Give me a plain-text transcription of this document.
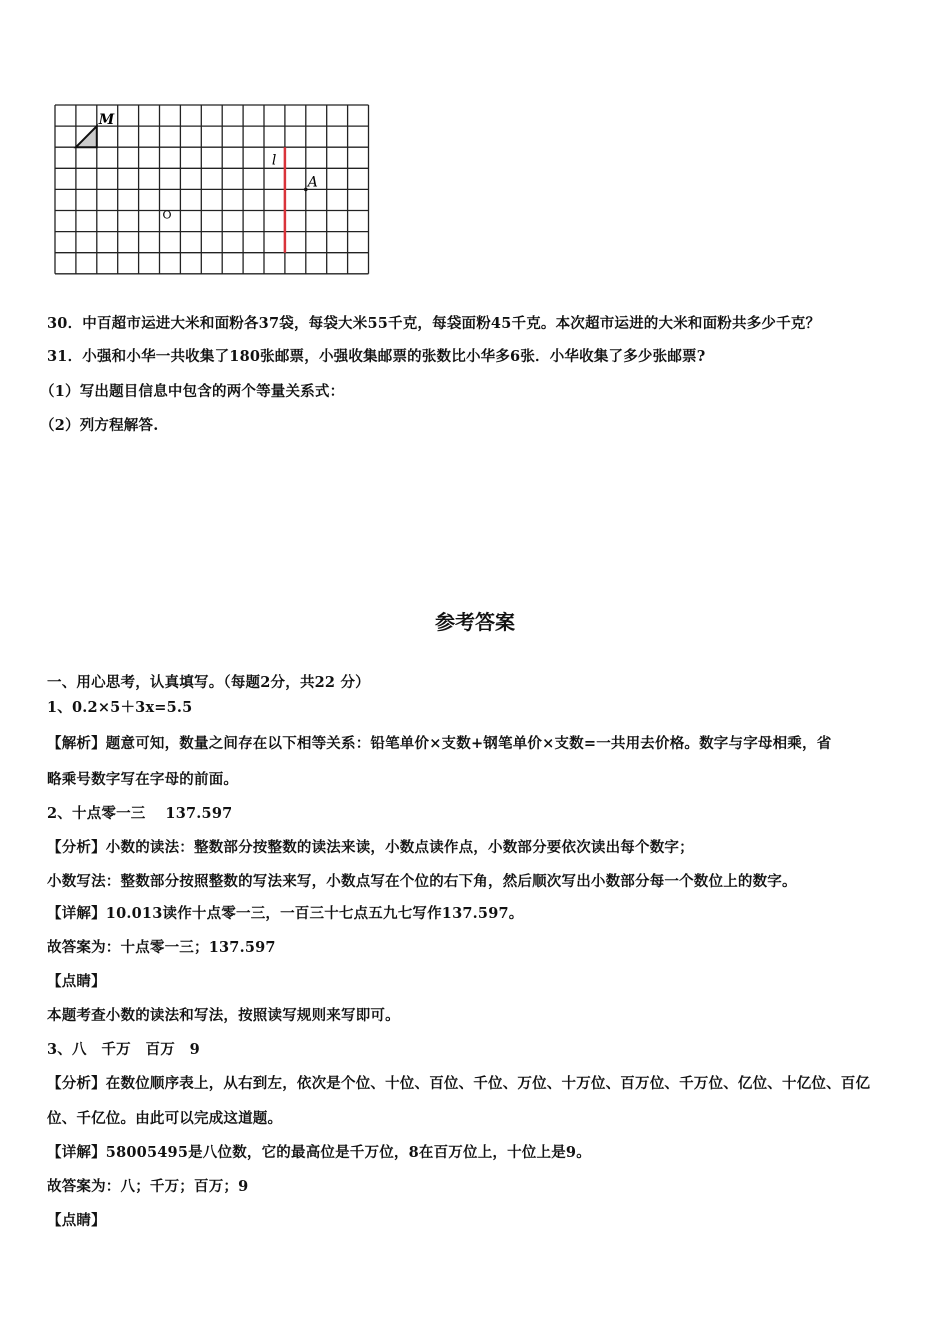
M
l
A
O
30．中百超市运进大米和面粉各37袋，每袋大米55千克，每袋面粉45千克。本次超市运进的大米和面粉共多少千克？
31．小强和小华一共收集了180张邮票，小强收集邮票的张数比小华多6张．小华收集了多少张邮票?
（1）写出题目信息中包含的两个等量关系式：
（2）列方程解答.
参考答案
一、用心思考，认真填写。（每题2分，共22 分）
1、0.2×5＋3x=5.5
【解析】题意可知，数量之间存在以下相等关系：铅笔单价×支数+钢笔单价×支数=一共用去价格。数字与字母相乘，省
略乘号数字写在字母的前面。
2、十点零一三　 137.597
【分析】小数的读法：整数部分按整数的读法来读，小数点读作点，小数部分要依次读出每个数字；
小数写法：整数部分按照整数的写法来写，小数点写在个位的右下角，然后顺次写出小数部分每一个数位上的数字。
【详解】10.013读作十点零一三，一百三十七点五九七写作137.597。
故答案为：十点零一三；137.597
【点睛】
本题考查小数的读法和写法，按照读写规则来写即可。
3、八　千万　百万　9
【分析】在数位顺序表上，从右到左，依次是个位、十位、百位、千位、万位、十万位、百万位、千万位、亿位、十亿位、百亿
位、千亿位。由此可以完成这道题。
【详解】58005495是八位数，它的最高位是千万位，8在百万位上，十位上是9。
故答案为：八；千万；百万；9
【点睛】
